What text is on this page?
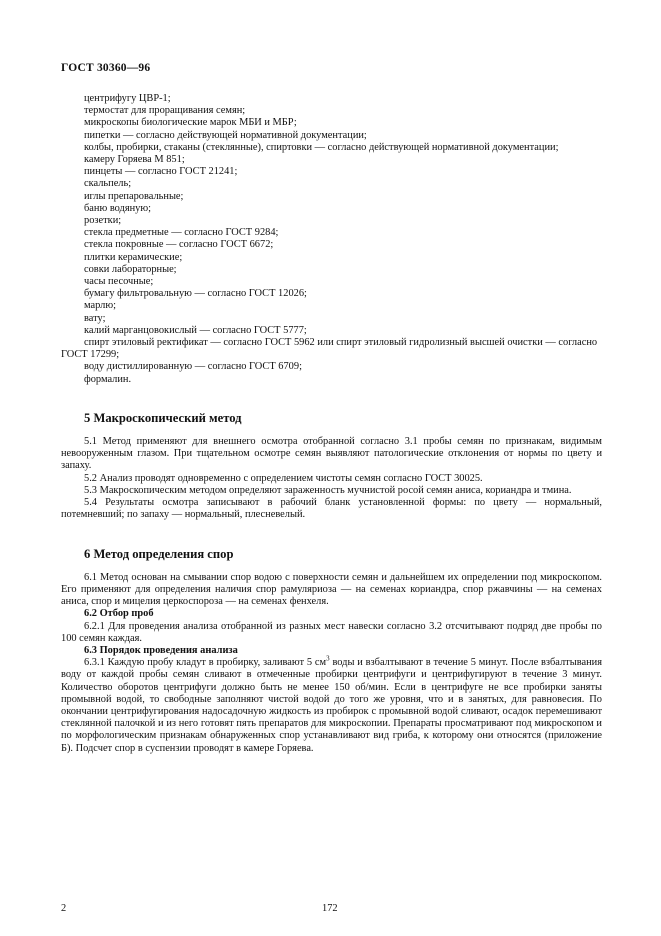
ГОСТ 30360—96
центрифугу ЦВР-1;
термостат для проращивания семян;
микроскопы биологические марок МБИ и МБР;
пипетки — согласно действующей нормативной документации;
колбы, пробирки, стаканы (стеклянные), спиртовки — согласно действующей нормативной документации;
камеру Горяева М 851;
пинцеты — согласно ГОСТ 21241;
скальпель;
иглы препаровальные;
баню водяную;
розетки;
стекла предметные — согласно ГОСТ 9284;
стекла покровные — согласно ГОСТ 6672;
плитки керамические;
совки лабораторные;
часы песочные;
бумагу фильтровальную — согласно ГОСТ 12026;
марлю;
вату;
калий марганцовокислый — согласно ГОСТ 5777;
спирт этиловый ректификат — согласно ГОСТ 5962 или спирт этиловый гидролизный высшей очистки — согласно ГОСТ 17299;
воду дистиллированную — согласно ГОСТ 6709;
формалин.
5 Макроскопический метод

5.1 Метод применяют для внешнего осмотра отобранной согласно 3.1 пробы семян по признакам, видимым невооруженным глазом. При тщательном осмотре семян выявляют патологические отклонения от нормы по цвету и запаху.

5.2 Анализ проводят одновременно с определением чистоты семян согласно ГОСТ 30025.

5.3 Макроскопическим методом определяют зараженность мучнистой росой семян аниса, кориандра и тмина.

5.4 Результаты осмотра записывают в рабочий бланк установленной формы: по цвету — нормальный, потемневший; по запаху — нормальный, плесневелый.

6 Метод определения спор

6.1 Метод основан на смывании спор водою с поверхности семян и дальнейшем их определении под микроскопом. Его применяют для определения наличия спор рамуляриоза — на семенах кориандра, спор ржавчины — на семенах аниса, спор и мицелия церкоспороза — на семенах фенхеля.

6.2 Отбор проб

6.2.1 Для проведения анализа отобранной из разных мест навески согласно 3.2 отсчитывают подряд две пробы по 100 семян каждая.

6.3 Порядок проведения анализа

6.3.1 Каждую пробу кладут в пробирку, заливают 5 $см^3$ воды и взбалтывают в течение 5 минут. После взбалтывания воду от каждой пробы семян сливают в отмеченные пробирки центрифуги и центрифугируют в течение 3 минут. Количество оборотов центрифуги должно быть не менее 150 об/мин. Если в центрифуге не все пробирки заняты промывной водой, то свободные заполняют чистой водой до того же уровня, что и в занятых, для равновесия. По окончании центрифугирования надосадочную жидкость из пробирок с промывной водой сливают, осадок перемешивают стеклянной палочкой и из него готовят пять препаратов для микроскопии. Препараты просматривают под микроскопом и по морфологическим признакам обнаруженных спор устанавливают вид гриба, к которому они относятся (приложение Б). Подсчет спор в суспензии проводят в камере Горяева.

2	172
